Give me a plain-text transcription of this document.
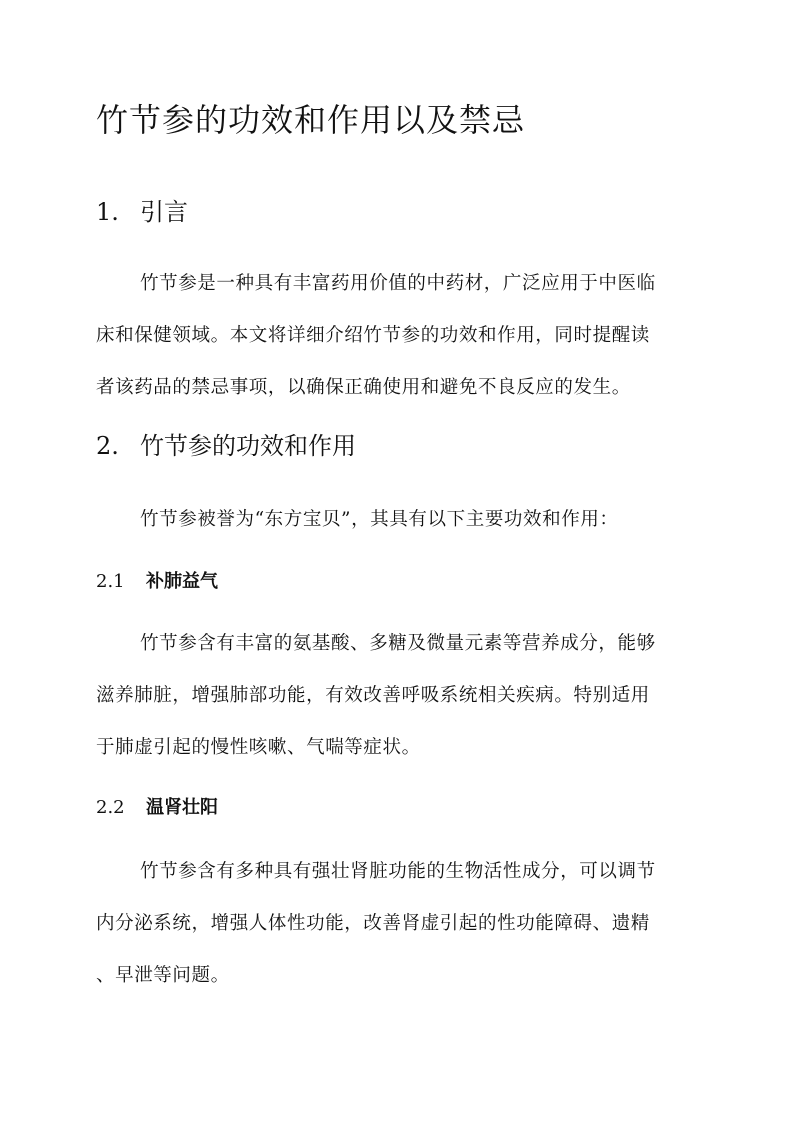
竹节参的功效和作用以及禁忌
1. 引言
竹节参是一种具有丰富药用价值的中药材，广泛应用于中医临
床和保健领域。本文将详细介绍竹节参的功效和作用，同时提醒读
者该药品的禁忌事项，以确保正确使用和避免不良反应的发生。
2. 竹节参的功效和作用
竹节参被誉为“东方宝贝”，其具有以下主要功效和作用：
2.1 补肺益气
竹节参含有丰富的氨基酸、多糖及微量元素等营养成分，能够
滋养肺脏，增强肺部功能，有效改善呼吸系统相关疾病。特别适用
于肺虚引起的慢性咳嗽、气喘等症状。
2.2 温肾壮阳
竹节参含有多种具有强壮肾脏功能的生物活性成分，可以调节
内分泌系统，增强人体性功能，改善肾虚引起的性功能障碍、遗精
、早泄等问题。
